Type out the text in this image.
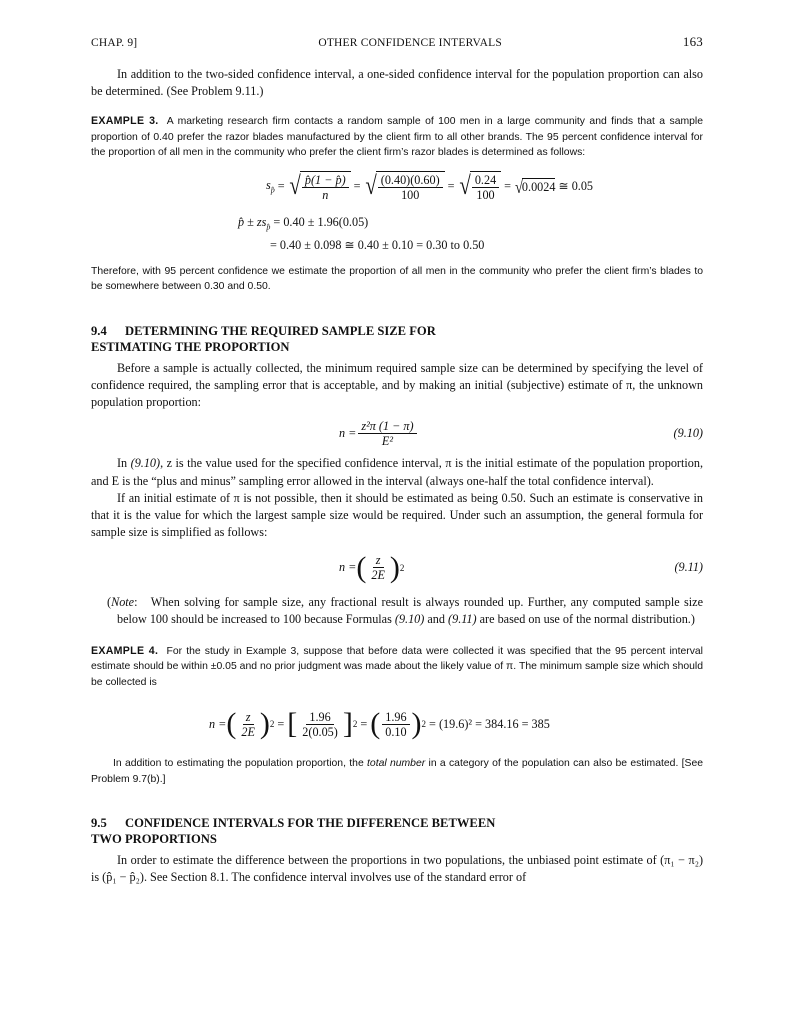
CHAP. 9]	OTHER CONFIDENCE INTERVALS	163

In addition to the two-sided confidence interval, a one-sided confidence interval for the population proportion can also be determined. (See Problem 9.11.)

EXAMPLE 3. A marketing research firm contacts a random sample of 100 men in a large community and finds that a sample proportion of 0.40 prefer the razor blades manufactured by the client firm to all other brands. The 95 percent confidence interval for the proportion of all men in the community who prefer the client firm’s razor blades is determined as follows:
$s_{p̂}$ = √ $\frac{p̂(1 - p̂)}{n}$ = √ $\frac{(0.40)(0.60)}{100}$ = √ $\frac{0.24}{100}$ = √
0.0024 ≅ 0.05
p̂ ± $zs_{p̂} = 0.40 \pm 1.96(0.05)$
= 0.40 ± 0.098 ≅ 0.40 ± 0.10 = 0.30 to 0.50
Therefore, with 95 percent confidence we estimate the proportion of all men in the community who prefer the client firm’s blades to be somewhere between 0.30 and 0.50.
9.4 DETERMINING THE REQUIRED SAMPLE SIZE FOR
ESTIMATING THE PROPORTION

Before a sample is actually collected, the minimum required sample size can be determined by specifying the level of confidence required, the sampling error that is acceptable, and by making an initial (subjective) estimate of π, the unknown population proportion:

$n = \frac{\text{z²π (1 − π)}}{\text{E²}}$	(9.10)

In (9.10), z is the value used for the specified confidence interval, π is the initial estimate of the population proportion, and E is the “plus and minus” sampling error allowed in the interval (always one-half the total confidence interval).

If an initial estimate of π is not possible, then it should be estimated as being 0.50. Such an estimate is conservative in that it is the value for which the largest sample size would be required. Under such an assumption, the general formula for sample size is simplified as follows:

n = ( $\frac{z}{2E}$ ) 2	(9.11)

(Note:   When solving for sample size, any fractional result is always rounded up. Further, any computed sample size below 100 should be increased to 100 because Formulas (9.10) and (9.11) are based on use of the normal distribution.)

EXAMPLE 4. For the study in Example 3, suppose that before data were collected it was specified that the 95 percent interval estimate should be within ±0.05 and no prior judgment was made about the likely value of π. The minimum sample size which should be collected is
n = ( $\frac{z}{2E}$ ) 2 = [ $\frac{1.96}{2(0.05)}$ ] 2 = ( $\frac{1.96}{0.10}$ ) 2 = (19.6)² = 384.16 = 385
In addition to estimating the population proportion, the total number in a category of the population can also be estimated. [See Problem 9.7(b).]
9.5 CONFIDENCE INTERVALS FOR THE DIFFERENCE BETWEEN
TWO PROPORTIONS

In order to estimate the difference between the proportions in two populations, the unbiased point estimate of (π₁ − π₂) is (p̂₁ − p̂₂). See Section 8.1. The confidence interval involves use of the standard error of
